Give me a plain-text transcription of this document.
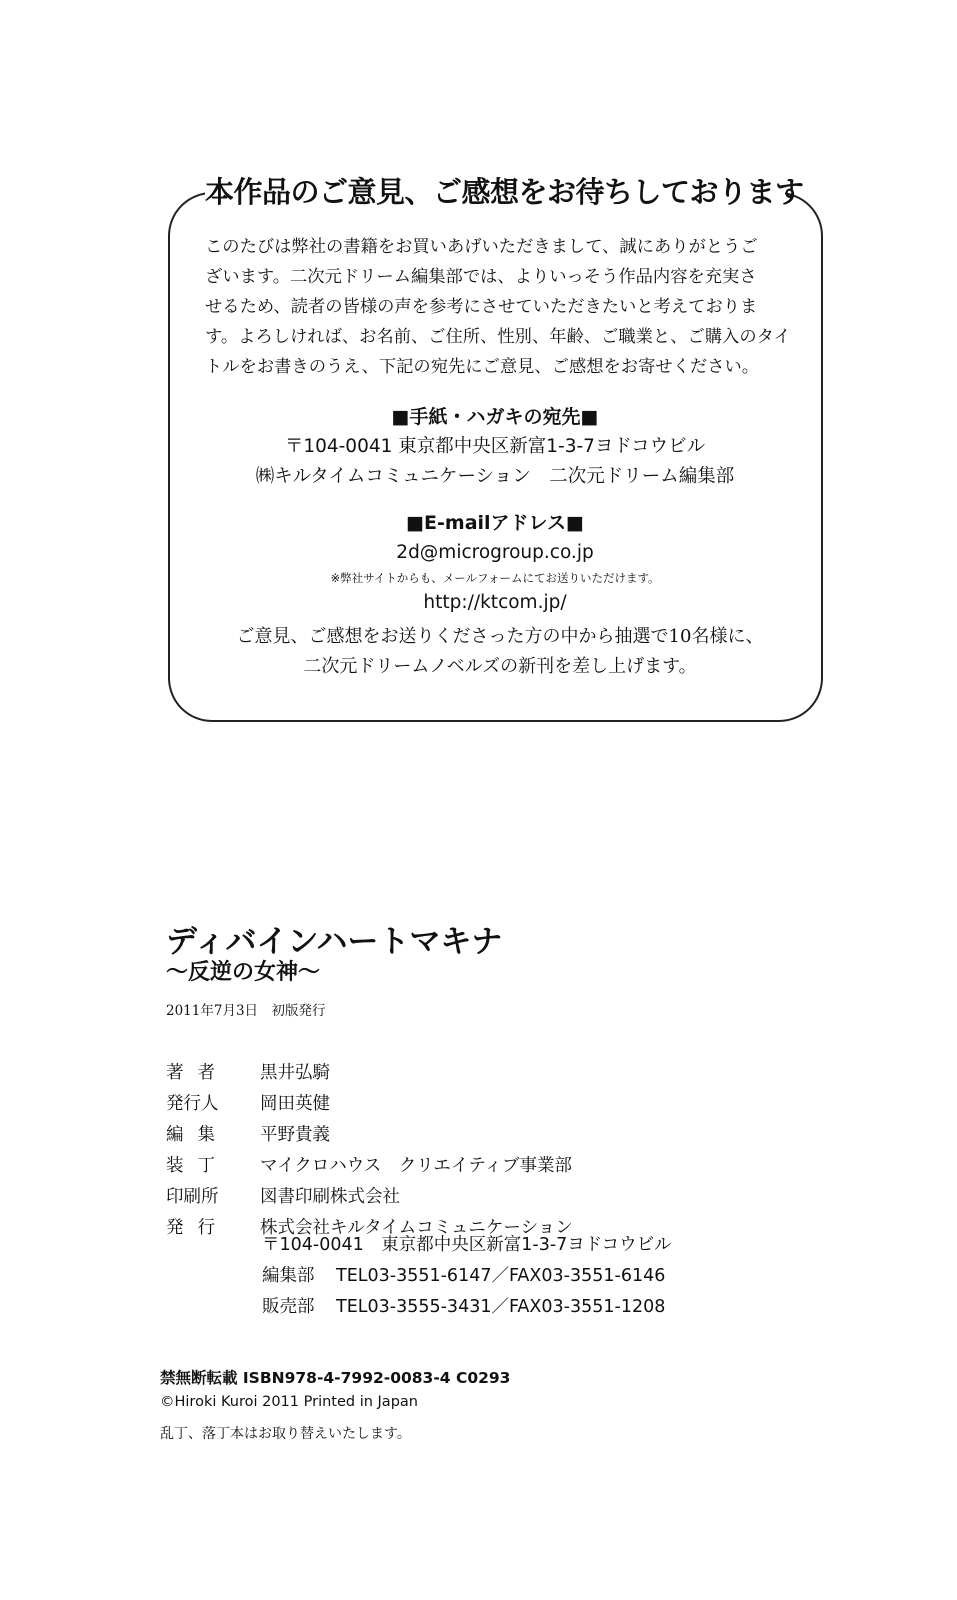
本作品のご意見、ご感想をお待ちしております

このたびは弊社の書籍をお買いあげいただきまして、誠にありがとうご
ざいます。二次元ドリーム編集部では、よりいっそう作品内容を充実さ
せるため、読者の皆様の声を参考にさせていただきたいと考えておりま
す。よろしければ、お名前、ご住所、性別、年齢、ご職業と、ご購入のタイ
トルをお書きのうえ、下記の宛先にご意見、ご感想をお寄せください。

■手紙・ハガキの宛先■
〒104-0041 東京都中央区新富1-3-7ヨドコウビル
㈱キルタイムコミュニケーション　二次元ドリーム編集部
■E-mailアドレス■
2d@microgroup.co.jp
※弊社サイトからも、メールフォームにてお送りいただけます。
http://ktcom.jp/
ご意見、ご感想をお送りくださった方の中から抽選で10名様に、
二次元ドリームノベルズの新刊を差し上げます。
ディバインハートマキナ
〜反逆の女神〜
2011年7月3日　初版発行
著者	黒井弘騎
発行人	岡田英健
編集	平野貴義
装丁	マイクロハウス　クリエイティブ事業部
印刷所	図書印刷株式会社
発行	株式会社キルタイムコミュニケーション
〒104-0041　東京都中央区新富1-3-7ヨドコウビル
編集部	TEL03-3551-6147／FAX03-3551-6146
販売部	TEL03-3555-3431／FAX03-3551-1208
禁無断転載 ISBN978-4-7992-0083-4 C0293
©Hiroki Kuroi 2011 Printed in Japan
乱丁、落丁本はお取り替えいたします。
